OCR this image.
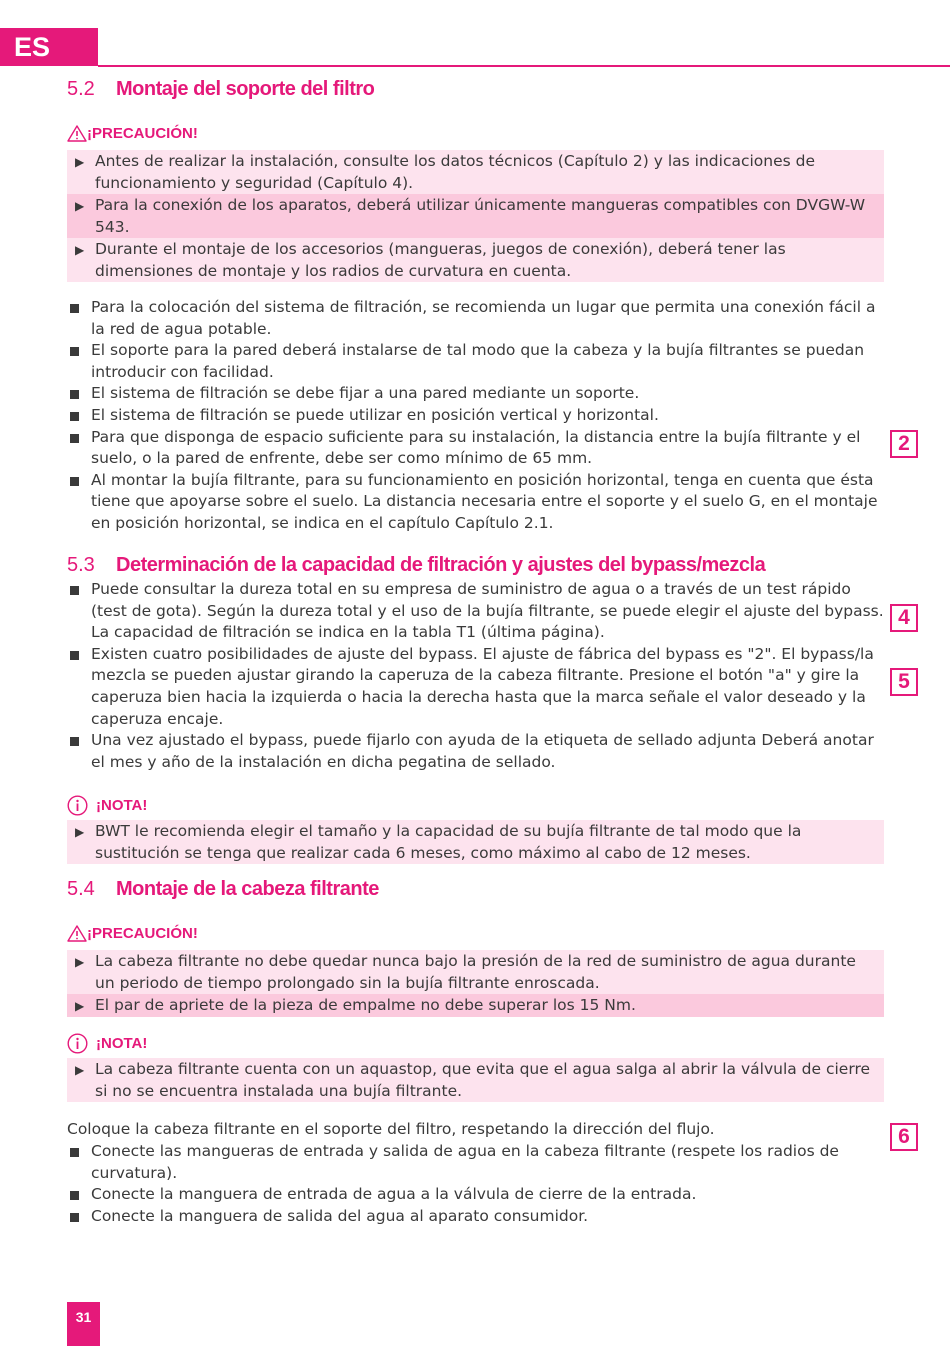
ES
5.2 Montaje del soporte del filtro
¡PRECAUCIÓN!
▶ Antes de realizar la instalación, consulte los datos técnicos (Capítulo 2) y las indicaciones de funcionamiento y seguridad (Capítulo 4).
▶ Para la conexión de los aparatos, deberá utilizar únicamente mangueras compatibles con DVGW-W 543.
▶ Durante el montaje de los accesorios (mangueras, juegos de conexión), deberá tener las dimensiones de montaje y los radios de curvatura en cuenta.
Para la colocación del sistema de filtración, se recomienda un lugar que permita una conexión fácil a la red de agua potable.
El soporte para la pared deberá instalarse de tal modo que la cabeza y la bujía filtrantes se puedan introducir con facilidad.
El sistema de filtración se debe fijar a una pared mediante un soporte.
El sistema de filtración se puede utilizar en posición vertical y horizontal.
Para que disponga de espacio suficiente para su instalación, la distancia entre la bujía filtrante y el suelo, o la pared de enfrente, debe ser como mínimo de 65 mm.
Al montar la bujía filtrante, para su funcionamiento en posición horizontal, tenga en cuenta que ésta tiene que apoyarse sobre el suelo. La distancia necesaria entre el soporte y el suelo G, en el montaje en posición horizontal, se indica en el capítulo Capítulo 2.1.
5.3 Determinación de la capacidad de filtración y ajustes del bypass/mezcla
Puede consultar la dureza total en su empresa de suministro de agua o a través de un test rápido (test de gota). Según la dureza total y el uso de la bujía filtrante, se puede elegir el ajuste del bypass. La capacidad de filtración se indica en la tabla T1 (última página).
Existen cuatro posibilidades de ajuste del bypass. El ajuste de fábrica del bypass es "2". El bypass/la mezcla se pueden ajustar girando la caperuza de la cabeza filtrante. Presione el botón "a" y gire la caperuza bien hacia la izquierda o hacia la derecha hasta que la marca señale el valor deseado y la caperuza encaje.
Una vez ajustado el bypass, puede fijarlo con ayuda de la etiqueta de sellado adjunta Deberá anotar el mes y año de la instalación en dicha pegatina de sellado.
¡NOTA!
▶ BWT le recomienda elegir el tamaño y la capacidad de su bujía filtrante de tal modo que la sustitución se tenga que realizar cada 6 meses, como máximo al cabo de 12 meses.
5.4 Montaje de la cabeza filtrante
¡PRECAUCIÓN!
▶ La cabeza filtrante no debe quedar nunca bajo la presión de la red de suministro de agua durante un periodo de tiempo prolongado sin la bujía filtrante enroscada.
▶ El par de apriete de la pieza de empalme no debe superar los 15 Nm.
¡NOTA!
▶ La cabeza filtrante cuenta con un aquastop, que evita que el agua salga al abrir la válvula de cierre si no se encuentra instalada una bujía filtrante.
Coloque la cabeza filtrante en el soporte del filtro, respetando la dirección del flujo.
Conecte las mangueras de entrada y salida de agua en la cabeza filtrante (respete los radios de curvatura).
Conecte la manguera de entrada de agua a la válvula de cierre de la entrada.
Conecte la manguera de salida del agua al aparato consumidor.
2
4
5
6
31
